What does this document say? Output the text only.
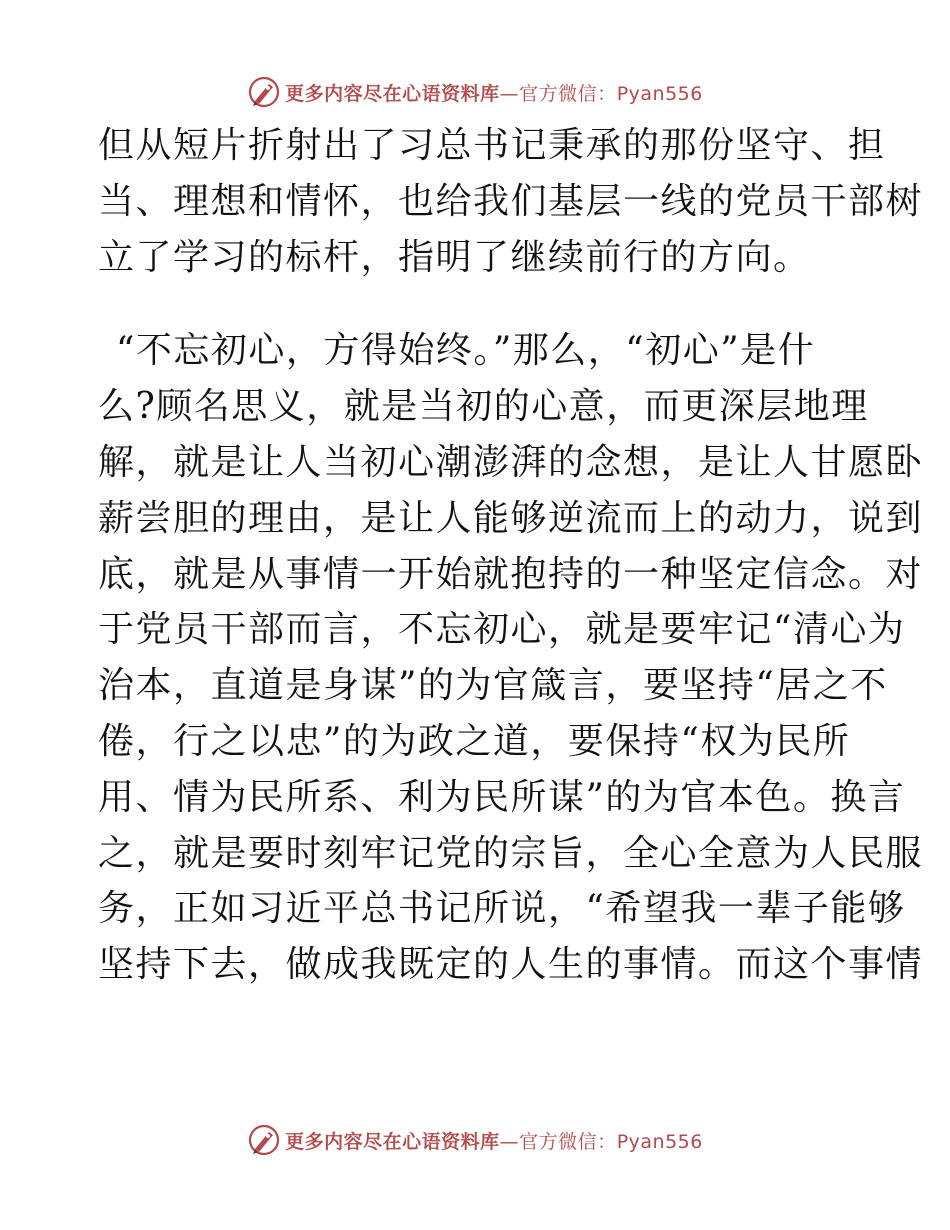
更多内容尽在心语资料库—官方微信：Pyan556
但从短片折射出了习总书记秉承的那份坚守、担
当、理想和情怀，也给我们基层一线的党员干部树
立了学习的标杆，指明了继续前行的方向。
“不忘初心，方得始终。”那么，“初心”是什
么?顾名思义，就是当初的心意，而更深层地理
解，就是让人当初心潮澎湃的念想，是让人甘愿卧
薪尝胆的理由，是让人能够逆流而上的动力，说到
底，就是从事情一开始就抱持的一种坚定信念。对
于党员干部而言，不忘初心，就是要牢记“清心为
治本，直道是身谋”的为官箴言，要坚持“居之不
倦，行之以忠”的为政之道，要保持“权为民所
用、情为民所系、利为民所谋”的为官本色。换言
之，就是要时刻牢记党的宗旨，全心全意为人民服
务，正如习近平总书记所说，“希望我一辈子能够
坚持下去，做成我既定的人生的事情。而这个事情
更多内容尽在心语资料库—官方微信：Pyan556
